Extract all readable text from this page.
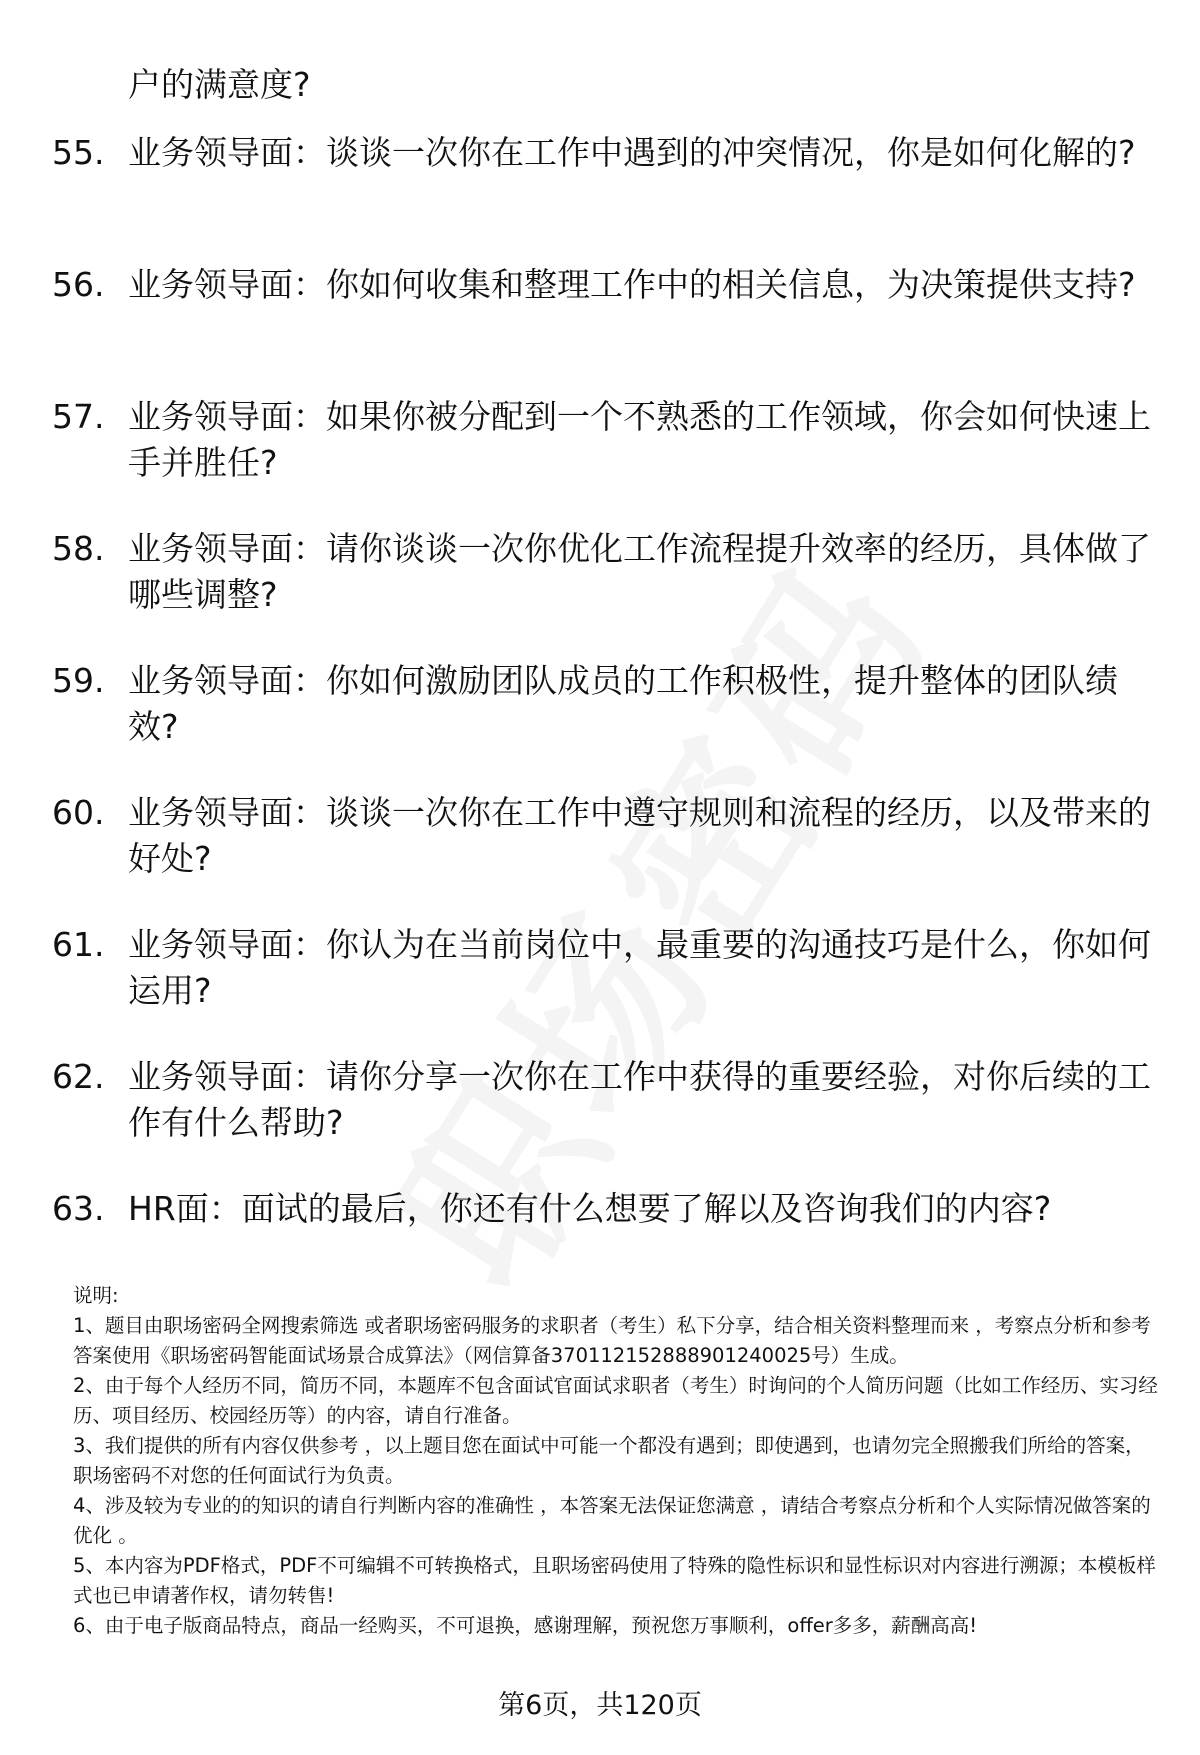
户的满意度?
55. 业务领导面：谈谈一次你在工作中遇到的冲突情况，你是如何化解的?
56. 业务领导面：你如何收集和整理工作中的相关信息，为决策提供支持?
57. 业务领导面：如果你被分配到一个不熟悉的工作领域，你会如何快速上手并胜任?
58. 业务领导面：请你谈谈一次你优化工作流程提升效率的经历，具体做了哪些调整?
59. 业务领导面：你如何激励团队成员的工作积极性，提升整体的团队绩效?
60. 业务领导面：谈谈一次你在工作中遵守规则和流程的经历，以及带来的好处?
61. 业务领导面：你认为在当前岗位中，最重要的沟通技巧是什么，你如何运用?
62. 业务领导面：请你分享一次你在工作中获得的重要经验，对你后续的工作有什么帮助?
63. HR面：面试的最后，你还有什么想要了解以及咨询我们的内容?
说明:
1、题目由职场密码全网搜索筛选 或者职场密码服务的求职者（考生）私下分享，结合相关资料整理而来 ，考察点分析和参考答案使用《职场密码智能面试场景合成算法》（网信算备370112152888901240025号）生成。
2、由于每个人经历不同，简历不同，本题库不包含面试官面试求职者（考生）时询问的个人简历问题（比如工作经历、实习经历、项目经历、校园经历等）的内容，请自行准备。
3、我们提供的所有内容仅供参考 ，以上题目您在面试中可能一个都没有遇到；即使遇到，也请勿完全照搬我们所给的答案，职场密码不对您的任何面试行为负责。
4、涉及较为专业的的知识的请自行判断内容的准确性 ，本答案无法保证您满意 ，请结合考察点分析和个人实际情况做答案的优化 。
5、本内容为PDF格式，PDF不可编辑不可转换格式，且职场密码使用了特殊的隐性标识和显性标识对内容进行溯源；本模板样式也已申请著作权，请勿转售!
6、由于电子版商品特点，商品一经购买，不可退换，感谢理解，预祝您万事顺利，offer多多，薪酬高高!
第6页，共120页
